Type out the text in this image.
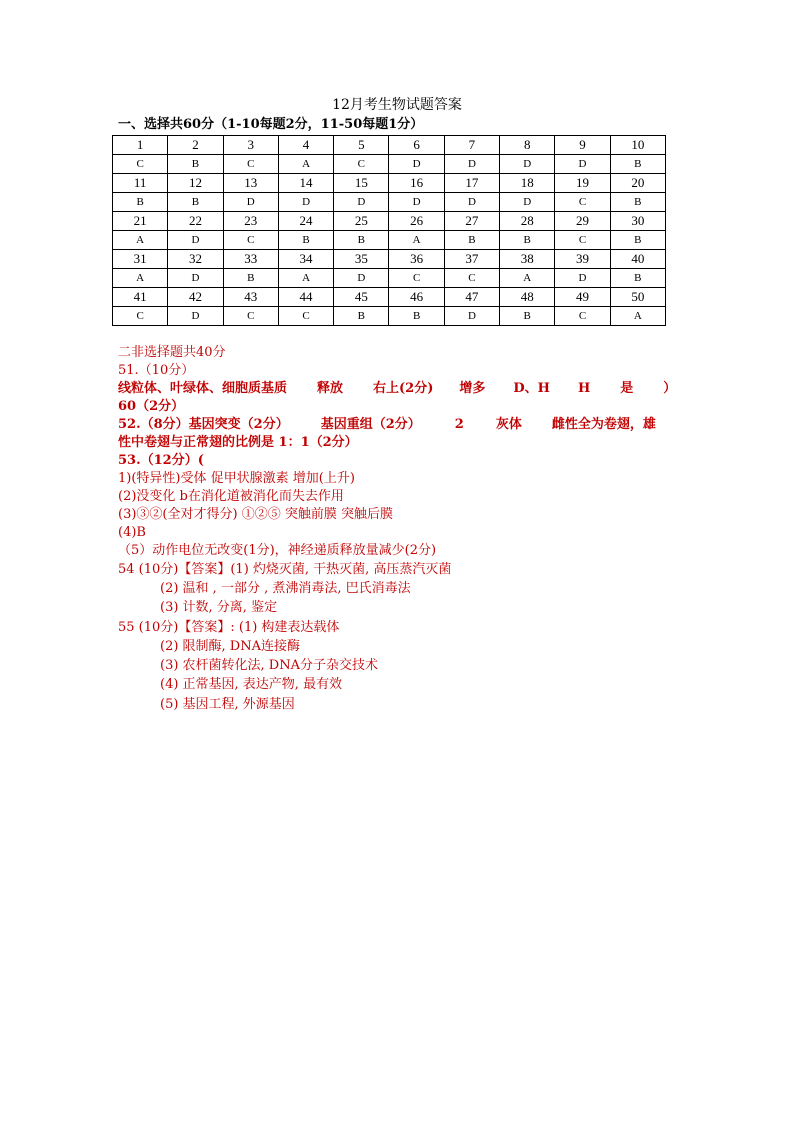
12月考生物试题答案
一、选择共60分（1-10每题2分，11-50每题1分）
1	2	3	4	5	6	7	8	9	10
C	B	C	A	C	D	D	D	D	B
11	12	13	14	15	16	17	18	19	20
B	B	D	D	D	D	D	D	C	B
21	22	23	24	25	26	27	28	29	30
A	D	C	B	B	A	B	B	C	B
31	32	33	34	35	36	37	38	39	40
A	D	B	A	D	C	C	A	D	B
41	42	43	44	45	46	47	48	49	50
C	D	C	C	B	B	D	B	C	A
二非选择题共40分
51.（10分）
线粒体、叶绿体、细胞质基质 释放 右上(2分) 增多 D、H H 是 ）
60（2分）
52.（8分）基因突变（2分） 基因重组（2分）	2 灰体 雌性全为卷翅，雄
性中卷翅与正常翅的比例是 1：1（2分）
53.（12分）(
1)(特异性)受体 促甲状腺激素 增加(上升)
(2)没变化 b在消化道被消化而失去作用
(3)③②(全对才得分) ①②⑤ 突触前膜 突触后膜
(4)B
（5）动作电位无改变(1分)，神经递质释放量减少(2分)
54 (10分)【答案】(1) 灼烧灭菌, 干热灭菌, 高压蒸汽灭菌
(2) 温和 , 一部分 , 煮沸消毒法, 巴氏消毒法
(3) 计数, 分离, 鉴定
55 (10分)【答案】: (1) 构建表达载体
(2) 限制酶, DNA连接酶
(3) 农杆菌转化法, DNA分子杂交技术
(4) 正常基因, 表达产物, 最有效
(5) 基因工程, 外源基因
